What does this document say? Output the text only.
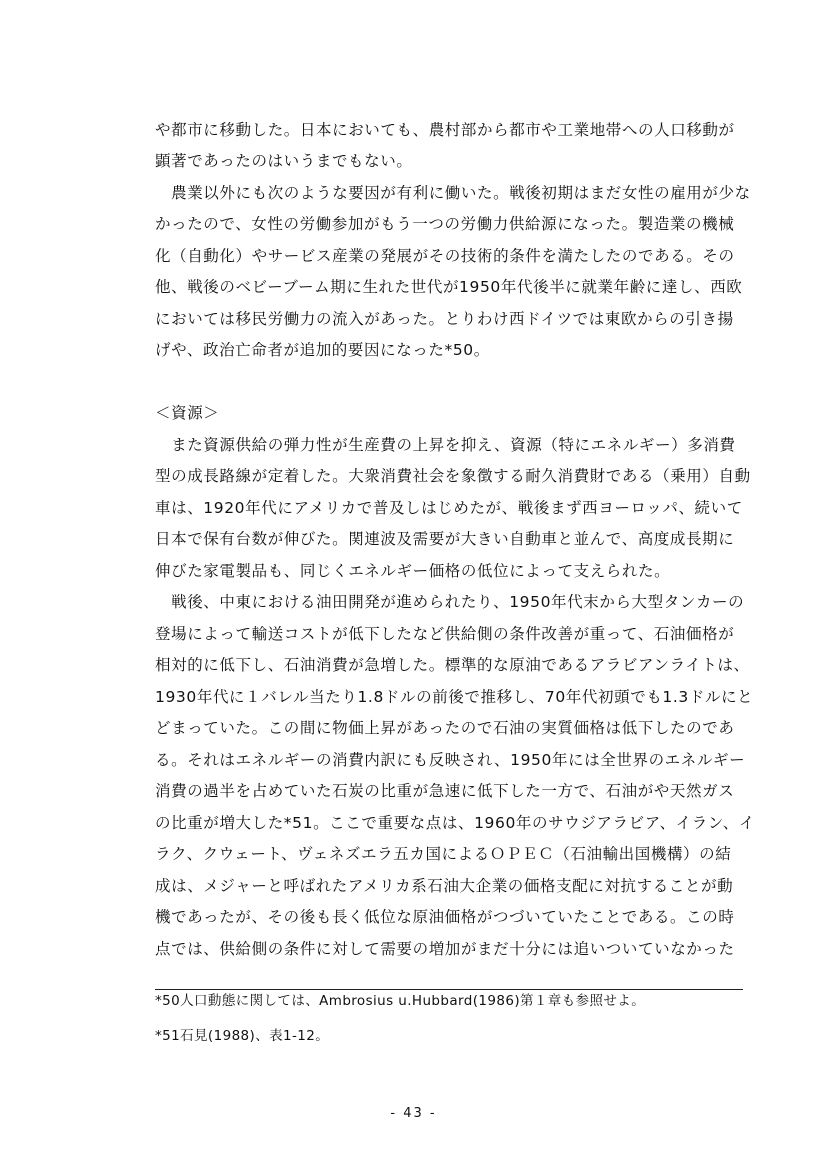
や都市に移動した。日本においても、農村部から都市や工業地帯への人口移動が
顕著であったのはいうまでもない。
　農業以外にも次のような要因が有利に働いた。戦後初期はまだ女性の雇用が少な
かったので、女性の労働参加がもう一つの労働力供給源になった。製造業の機械
化（自動化）やサービス産業の発展がその技術的条件を満たしたのである。その
他、戦後のベビーブーム期に生れた世代が1950年代後半に就業年齢に達し、西欧
においては移民労働力の流入があった。とりわけ西ドイツでは東欧からの引き揚
げや、政治亡命者が追加的要因になった*50。
＜資源＞
　また資源供給の弾力性が生産費の上昇を抑え、資源（特にエネルギー）多消費
型の成長路線が定着した。大衆消費社会を象徴する耐久消費財である（乗用）自動
車は、1920年代にアメリカで普及しはじめたが、戦後まず西ヨーロッパ、続いて
日本で保有台数が伸びた。関連波及需要が大きい自動車と並んで、高度成長期に
伸びた家電製品も、同じくエネルギー価格の低位によって支えられた。
　戦後、中東における油田開発が進められたり、1950年代末から大型タンカーの
登場によって輸送コストが低下したなど供給側の条件改善が重って、石油価格が
相対的に低下し、石油消費が急増した。標準的な原油であるアラビアンライトは、
1930年代に１バレル当たり1.8ドルの前後で推移し、70年代初頭でも1.3ドルにと
どまっていた。この間に物価上昇があったので石油の実質価格は低下したのであ
る。それはエネルギーの消費内訳にも反映され、1950年には全世界のエネルギー
消費の過半を占めていた石炭の比重が急速に低下した一方で、石油がや天然ガス
の比重が増大した*51。ここで重要な点は、1960年のサウジアラビア、イラン、イ
ラク、クウェート、ヴェネズエラ五カ国によるＯＰＥＣ（石油輸出国機構）の結
成は、メジャーと呼ばれたアメリカ系石油大企業の価格支配に対抗することが動
機であったが、その後も長く低位な原油価格がつづいていたことである。この時
点では、供給側の条件に対して需要の増加がまだ十分には追いついていなかった
*50人口動態に関しては、Ambrosius u.Hubbard(1986)第１章も参照せよ。
*51石見(1988)、表1-12。
- 43 -
